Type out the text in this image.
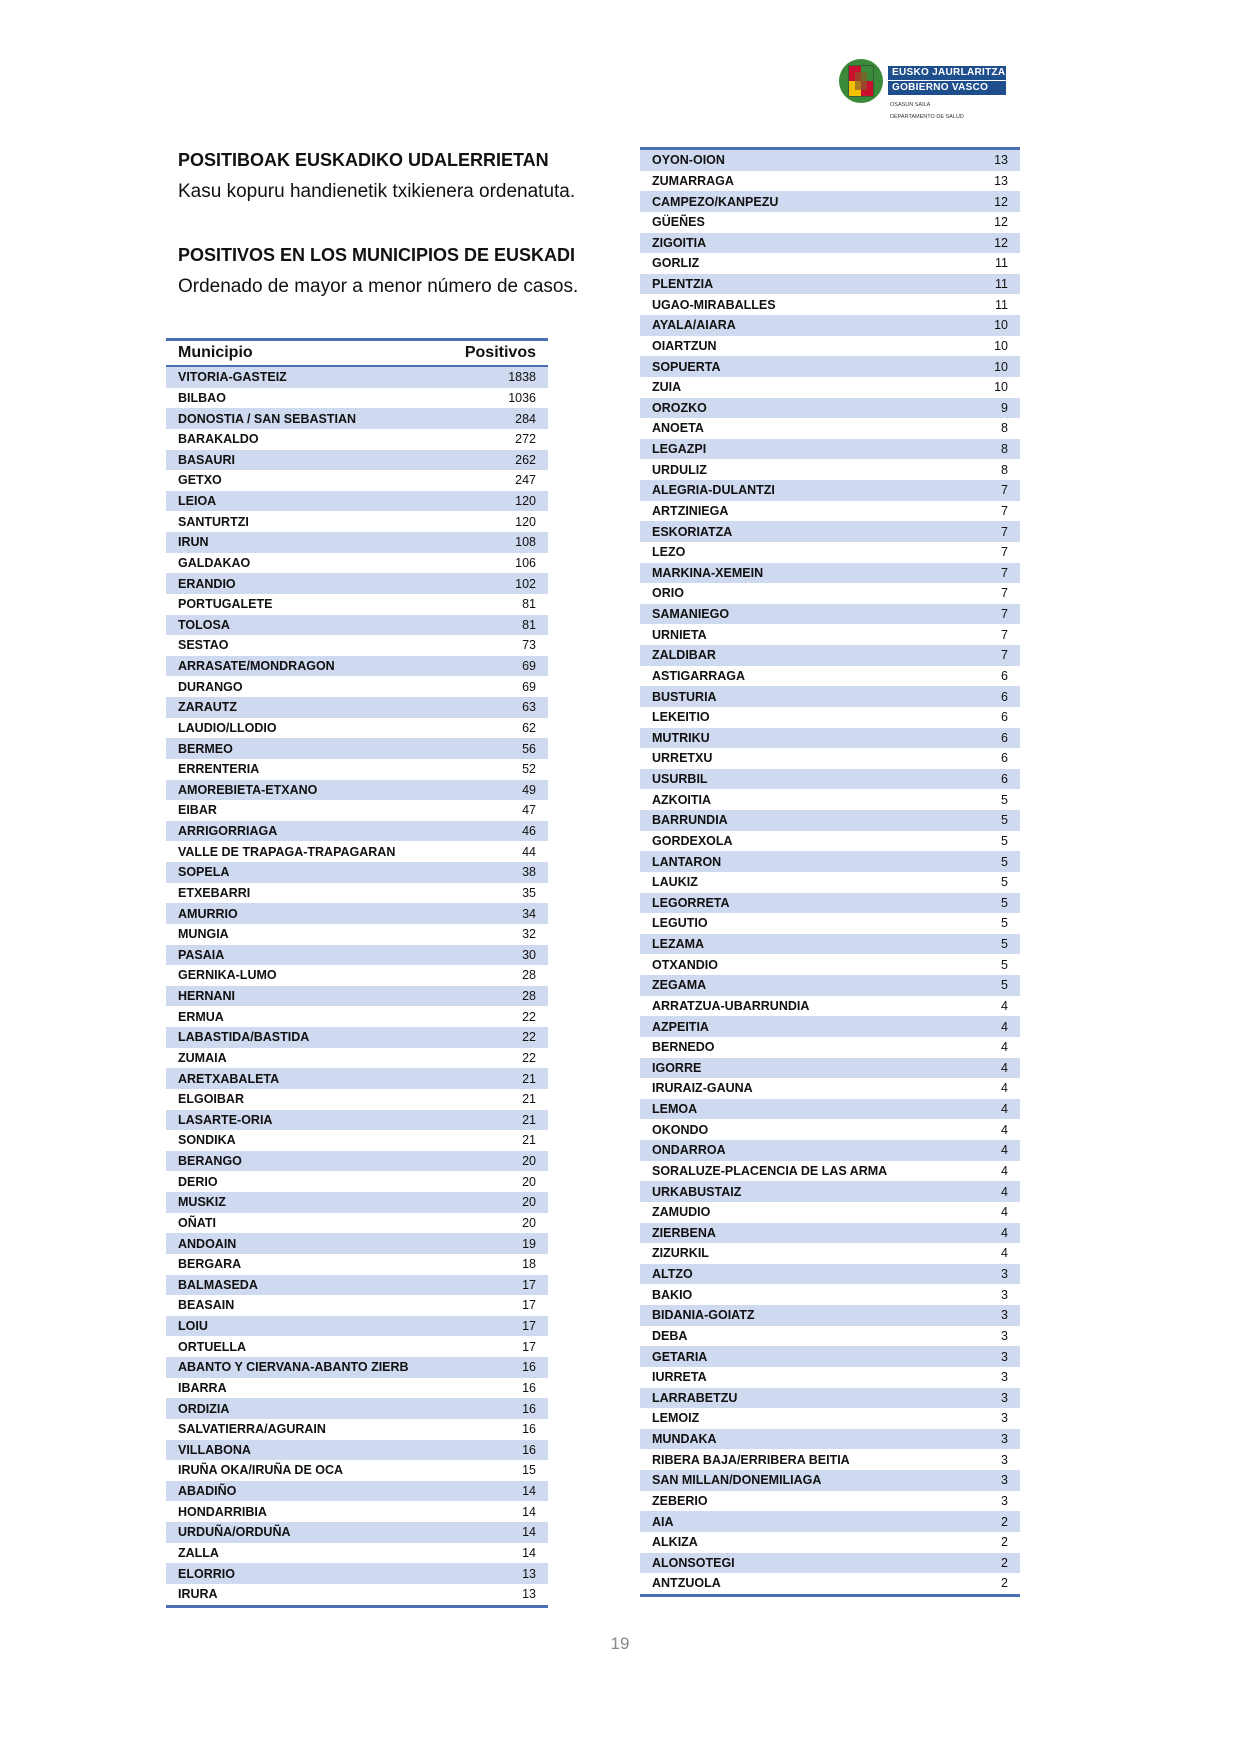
EUSKO JAURLARITZA
GOBIERNO VASCO
OSASUN SAILA
DEPARTAMENTO DE SALUD
POSITIBOAK EUSKADIKO UDALERRIETAN
Kasu kopuru handienetik txikienera ordenatuta.
POSITIVOS EN LOS MUNICIPIOS DE EUSKADI
Ordenado de mayor a menor número de casos.
Municipio	Positivos
VITORIA-GASTEIZ	1838
BILBAO	1036
DONOSTIA / SAN SEBASTIAN	284
BARAKALDO	272
BASAURI	262
GETXO	247
LEIOA	120
SANTURTZI	120
IRUN	108
GALDAKAO	106
ERANDIO	102
PORTUGALETE	81
TOLOSA	81
SESTAO	73
ARRASATE/MONDRAGON	69
DURANGO	69
ZARAUTZ	63
LAUDIO/LLODIO	62
BERMEO	56
ERRENTERIA	52
AMOREBIETA-ETXANO	49
EIBAR	47
ARRIGORRIAGA	46
VALLE DE TRAPAGA-TRAPAGARAN	44
SOPELA	38
ETXEBARRI	35
AMURRIO	34
MUNGIA	32
PASAIA	30
GERNIKA-LUMO	28
HERNANI	28
ERMUA	22
LABASTIDA/BASTIDA	22
ZUMAIA	22
ARETXABALETA	21
ELGOIBAR	21
LASARTE-ORIA	21
SONDIKA	21
BERANGO	20
DERIO	20
MUSKIZ	20
OÑATI	20
ANDOAIN	19
BERGARA	18
BALMASEDA	17
BEASAIN	17
LOIU	17
ORTUELLA	17
ABANTO Y CIERVANA-ABANTO ZIERB	16
IBARRA	16
ORDIZIA	16
SALVATIERRA/AGURAIN	16
VILLABONA	16
IRUÑA OKA/IRUÑA DE OCA	15
ABADIÑO	14
HONDARRIBIA	14
URDUÑA/ORDUÑA	14
ZALLA	14
ELORRIO	13
IRURA	13
OYON-OION	13
ZUMARRAGA	13
CAMPEZO/KANPEZU	12
GÜEÑES	12
ZIGOITIA	12
GORLIZ	11
PLENTZIA	11
UGAO-MIRABALLES	11
AYALA/AIARA	10
OIARTZUN	10
SOPUERTA	10
ZUIA	10
OROZKO	9
ANOETA	8
LEGAZPI	8
URDULIZ	8
ALEGRIA-DULANTZI	7
ARTZINIEGA	7
ESKORIATZA	7
LEZO	7
MARKINA-XEMEIN	7
ORIO	7
SAMANIEGO	7
URNIETA	7
ZALDIBAR	7
ASTIGARRAGA	6
BUSTURIA	6
LEKEITIO	6
MUTRIKU	6
URRETXU	6
USURBIL	6
AZKOITIA	5
BARRUNDIA	5
GORDEXOLA	5
LANTARON	5
LAUKIZ	5
LEGORRETA	5
LEGUTIO	5
LEZAMA	5
OTXANDIO	5
ZEGAMA	5
ARRATZUA-UBARRUNDIA	4
AZPEITIA	4
BERNEDO	4
IGORRE	4
IRURAIZ-GAUNA	4
LEMOA	4
OKONDO	4
ONDARROA	4
SORALUZE-PLACENCIA DE LAS ARMA	4
URKABUSTAIZ	4
ZAMUDIO	4
ZIERBENA	4
ZIZURKIL	4
ALTZO	3
BAKIO	3
BIDANIA-GOIATZ	3
DEBA	3
GETARIA	3
IURRETA	3
LARRABETZU	3
LEMOIZ	3
MUNDAKA	3
RIBERA BAJA/ERRIBERA BEITIA	3
SAN MILLAN/DONEMILIAGA	3
ZEBERIO	3
AIA	2
ALKIZA	2
ALONSOTEGI	2
ANTZUOLA	2
19
